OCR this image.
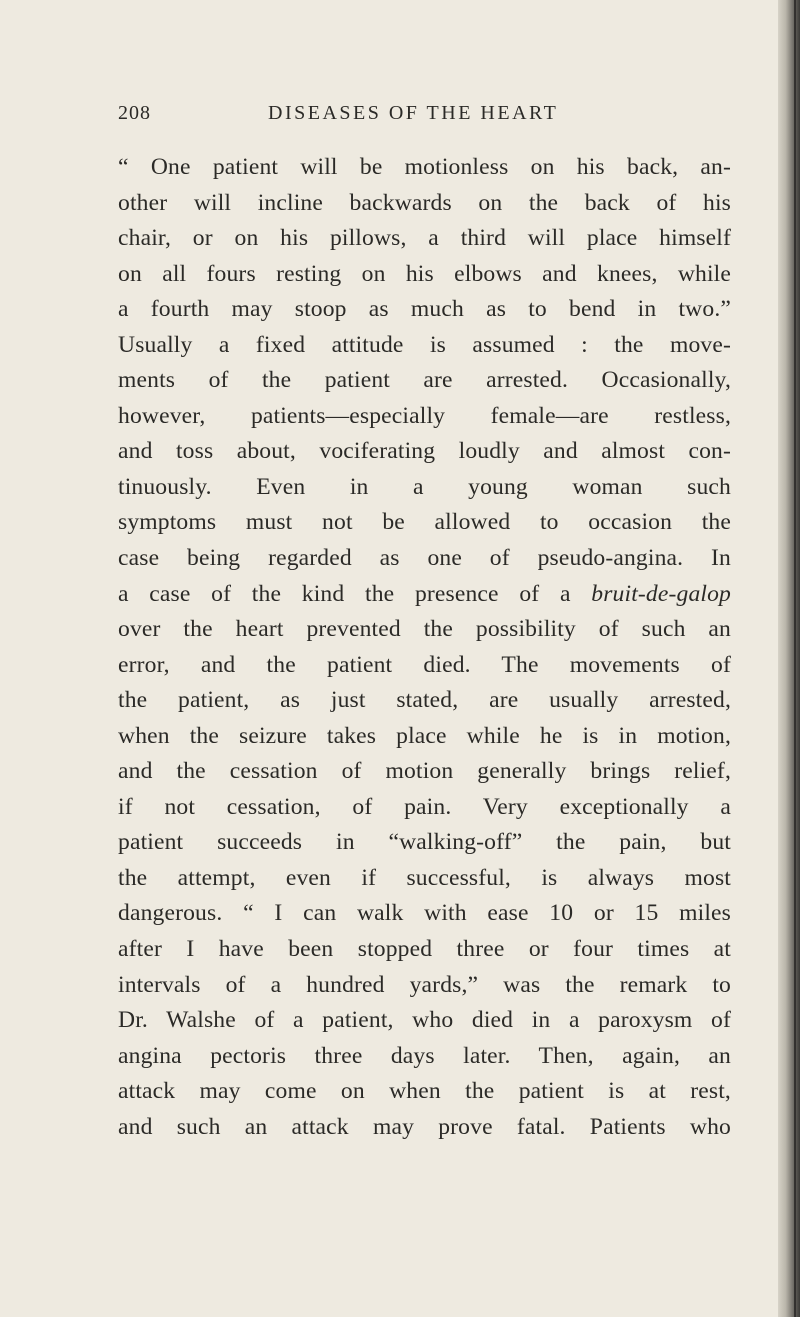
208	DISEASES OF THE HEART
“ One patient will be motionless on his back, an-
other will incline backwards on the back of his
chair, or on his pillows, a third will place himself
on all fours resting on his elbows and knees, while
a fourth may stoop as much as to bend in two.”
Usually a fixed attitude is assumed : the move-
ments of the patient are arrested. Occasionally,
however, patients—especially female—are restless,
and toss about, vociferating loudly and almost con-
tinuously. Even in a young woman such
symptoms must not be allowed to occasion the
case being regarded as one of pseudo-angina. In
a case of the kind the presence of a bruit-de-galop
over the heart prevented the possibility of such an
error, and the patient died. The movements of
the patient, as just stated, are usually arrested,
when the seizure takes place while he is in motion,
and the cessation of motion generally brings relief,
if not cessation, of pain. Very exceptionally a
patient succeeds in “walking-off” the pain, but
the attempt, even if successful, is always most
dangerous. “ I can walk with ease 10 or 15 miles
after I have been stopped three or four times at
intervals of a hundred yards,” was the remark to
Dr. Walshe of a patient, who died in a paroxysm of
angina pectoris three days later. Then, again, an
attack may come on when the patient is at rest,
and such an attack may prove fatal. Patients who
